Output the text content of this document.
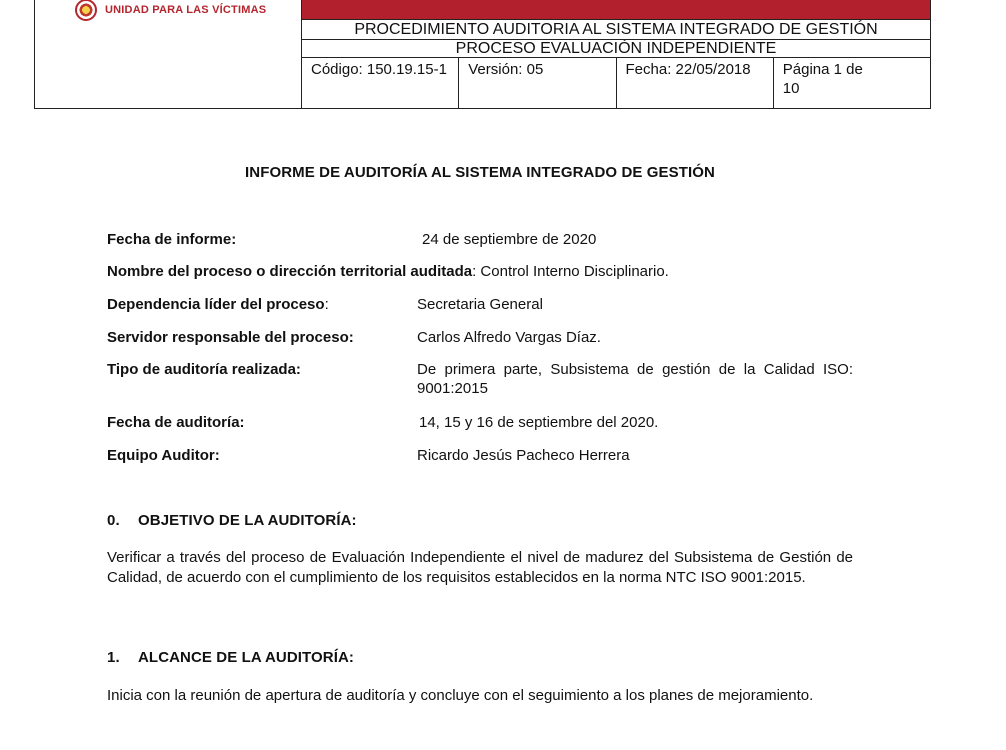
UNIDAD PARA LAS VÍCTIMAS				

	PROCEDIMIENTO AUDITORIA AL SISTEMA INTEGRADO DE GESTIÓN			
	PROCESO EVALUACIÒN INDEPENDIENTE			
	Código: 150.19.15-1	Versión: 05	Fecha: 22/05/2018	Página 1 de
10
INFORME DE AUDITORÍA AL SISTEMA INTEGRADO DE GESTIÓN
Fecha de informe:	24 de septiembre de 2020
Nombre del proceso o dirección territorial auditada: Control Interno Disciplinario.
Dependencia líder del proceso:	Secretaria General
Servidor responsable del proceso:	Carlos Alfredo Vargas Díaz.
Tipo de auditoría realizada:	De primera parte, Subsistema de gestión de la Calidad ISO: 9001:2015
Fecha de auditoría:	14, 15 y 16 de septiembre del 2020.
Equipo Auditor:	Ricardo Jesús Pacheco Herrera
0. OBJETIVO DE LA AUDITORÍA:
Verificar a través del proceso de Evaluación Independiente el nivel de madurez del Subsistema de Gestión de Calidad, de acuerdo con el cumplimiento de los requisitos establecidos en la norma NTC ISO 9001:2015.
1. ALCANCE DE LA AUDITORÍA:
Inicia con la reunión de apertura de auditoría y concluye con el seguimiento a los planes de mejoramiento.
